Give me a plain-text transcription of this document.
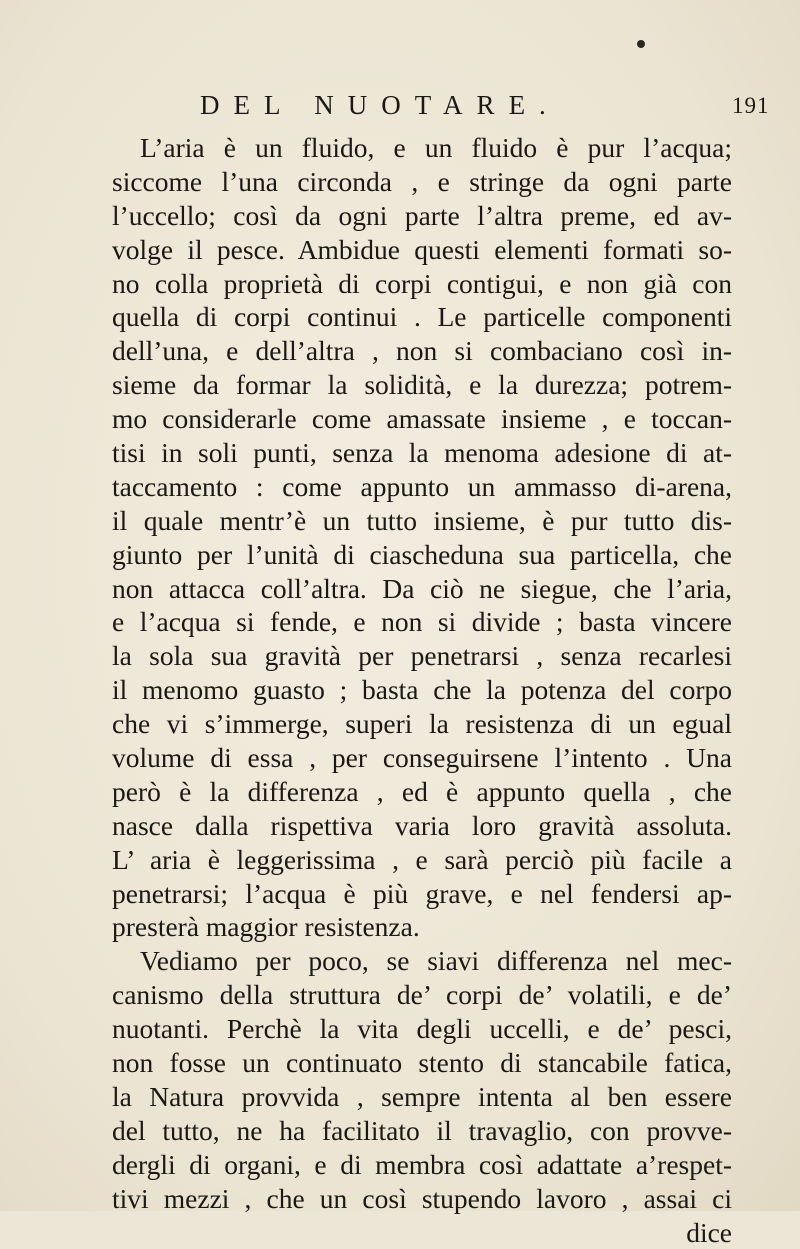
DEL NUOTARE.	191
L’aria è un fluido, e un fluido è pur l’acqua;
siccome l’una circonda , e stringe da ogni parte
l’uccello; così da ogni parte l’altra preme, ed av-
volge il pesce. Ambidue questi elementi formati so-
no colla proprietà di corpi contigui, e non già con
quella di corpi continui . Le particelle componenti
dell’una, e dell’altra , non si combaciano così in-
sieme da formar la solidità, e la durezza; potrem-
mo considerarle come amassate insieme , e toccan-
tisi in soli punti, senza la menoma adesione di at-
taccamento : come appunto un ammasso di-arena,
il quale mentr’è un tutto insieme, è pur tutto dis-
giunto per l’unità di ciascheduna sua particella, che
non attacca coll’altra. Da ciò ne siegue, che l’aria,
e l’acqua si fende, e non si divide ; basta vincere
la sola sua gravità per penetrarsi , senza recarlesi
il menomo guasto ; basta che la potenza del corpo
che vi s’immerge, superi la resistenza di un egual
volume di essa , per conseguirsene l’intento . Una
però è la differenza , ed è appunto quella , che
nasce dalla rispettiva varia loro gravità assoluta.
L’ aria è leggerissima , e sarà perciò più facile a
penetrarsi; l’acqua è più grave, e nel fendersi ap-
presterà maggior resistenza.
Vediamo per poco, se siavi differenza nel mec-
canismo della struttura de’ corpi de’ volatili, e de’
nuotanti. Perchè la vita degli uccelli, e de’ pesci,
non fosse un continuato stento di stancabile fatica,
la Natura provvida , sempre intenta al ben essere
del tutto, ne ha facilitato il travaglio, con provve-
dergli di organi, e di membra così adattate a’respet-
tivi mezzi , che un così stupendo lavoro , assai ci
dice
